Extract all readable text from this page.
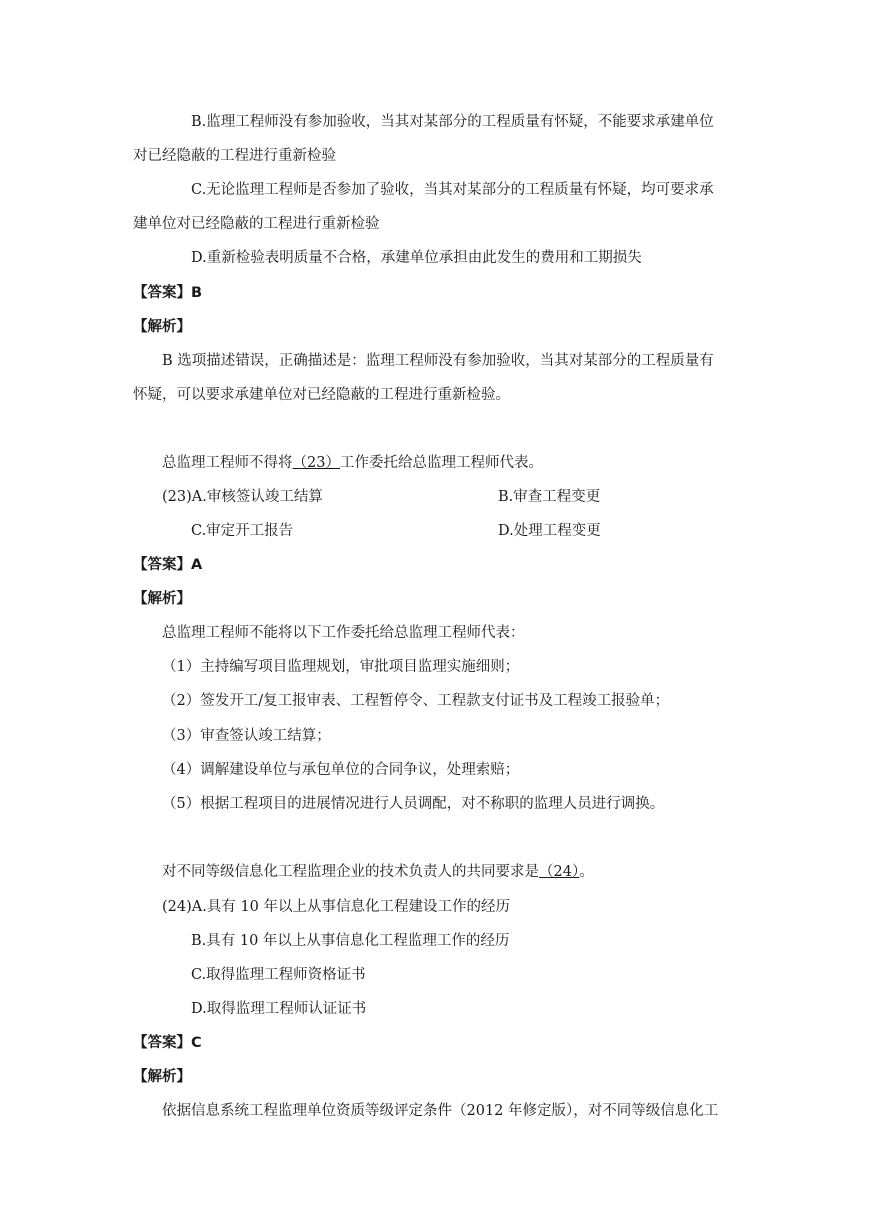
B.监理工程师没有参加验收，当其对某部分的工程质量有怀疑，不能要求承建单位
对已经隐蔽的工程进行重新检验
C.无论监理工程师是否参加了验收，当其对某部分的工程质量有怀疑，均可要求承
建单位对已经隐蔽的工程进行重新检验
D.重新检验表明质量不合格，承建单位承担由此发生的费用和工期损失
【答案】B
【解析】
B 选项描述错误，正确描述是：监理工程师没有参加验收，当其对某部分的工程质量有
怀疑，可以要求承建单位对已经隐蔽的工程进行重新检验。
总监理工程师不得将（23）工作委托给总监理工程师代表。
(23)A.审核签认竣工结算	B.审查工程变更
C.审定开工报告	D.处理工程变更
【答案】A
【解析】
总监理工程师不能将以下工作委托给总监理工程师代表：
（1）主持编写项目监理规划，审批项目监理实施细则；
（2）签发开工/复工报审表、工程暂停令、工程款支付证书及工程竣工报验单；
（3）审查签认竣工结算；
（4）调解建设单位与承包单位的合同争议，处理索赔；
（5）根据工程项目的进展情况进行人员调配，对不称职的监理人员进行调换。
对不同等级信息化工程监理企业的技术负责人的共同要求是（24）。
(24)A.具有 10 年以上从事信息化工程建设工作的经历
B.具有 10 年以上从事信息化工程监理工作的经历
C.取得监理工程师资格证书
D.取得监理工程师认证证书
【答案】C
【解析】
依据信息系统工程监理单位资质等级评定条件（2012 年修定版），对不同等级信息化工
